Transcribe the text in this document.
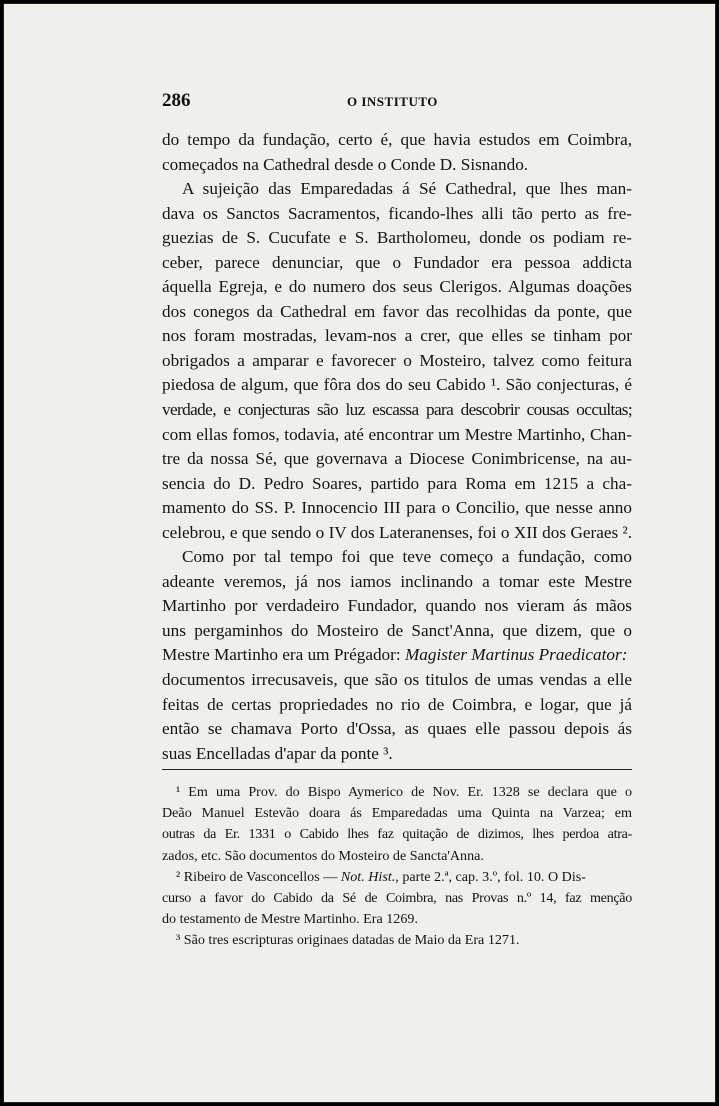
286	O INSTITUTO
do tempo da fundação, certo é, que havia estudos em Coimbra,
começados na Cathedral desde o Conde D. Sisnando.
A sujeição das Emparedadas á Sé Cathedral, que lhes man-
dava os Sanctos Sacramentos, ficando-lhes alli tão perto as fre-
guezias de S. Cucufate e S. Bartholomeu, donde os podiam re-
ceber, parece denunciar, que o Fundador era pessoa addicta
áquella Egreja, e do numero dos seus Clerigos. Algumas doações
dos conegos da Cathedral em favor das recolhidas da ponte, que
nos foram mostradas, levam-nos a crer, que elles se tinham por
obrigados a amparar e favorecer o Mosteiro, talvez como feitura
piedosa de algum, que fôra dos do seu Cabido ¹. São conjecturas, é
verdade, e conjecturas são luz escassa para descobrir cousas occultas;
com ellas fomos, todavia, até encontrar um Mestre Martinho, Chan-
tre da nossa Sé, que governava a Diocese Conimbricense, na au-
sencia do D. Pedro Soares, partido para Roma em 1215 a cha-
mamento do SS. P. Innocencio III para o Concilio, que nesse anno
celebrou, e que sendo o IV dos Lateranenses, foi o XII dos Geraes ².
Como por tal tempo foi que teve começo a fundação, como
adeante veremos, já nos iamos inclinando a tomar este Mestre
Martinho por verdadeiro Fundador, quando nos vieram ás mãos
uns pergaminhos do Mosteiro de Sanct'Anna, que dizem, que o
Mestre Martinho era um Prégador: Magister Martinus Praedicator:
documentos irrecusaveis, que são os titulos de umas vendas a elle
feitas de certas propriedades no rio de Coimbra, e logar, que já
então se chamava Porto d'Ossa, as quaes elle passou depois ás
suas Encelladas d'apar da ponte ³.
¹ Em uma Prov. do Bispo Aymerico de Nov. Er. 1328 se declara que o
Deão Manuel Estevão doara ás Emparedadas uma Quinta na Varzea; em
outras da Er. 1331 o Cabido lhes faz quitação de dizimos, lhes perdoa atra-
zados, etc. São documentos do Mosteiro de Sancta'Anna.
² Ribeiro de Vasconcellos — Not. Hist., parte 2.ª, cap. 3.º, fol. 10. O Dis-
curso a favor do Cabido da Sé de Coimbra, nas Provas n.º 14, faz menção
do testamento de Mestre Martinho. Era 1269.
³ São tres escripturas originaes datadas de Maio da Era 1271.
